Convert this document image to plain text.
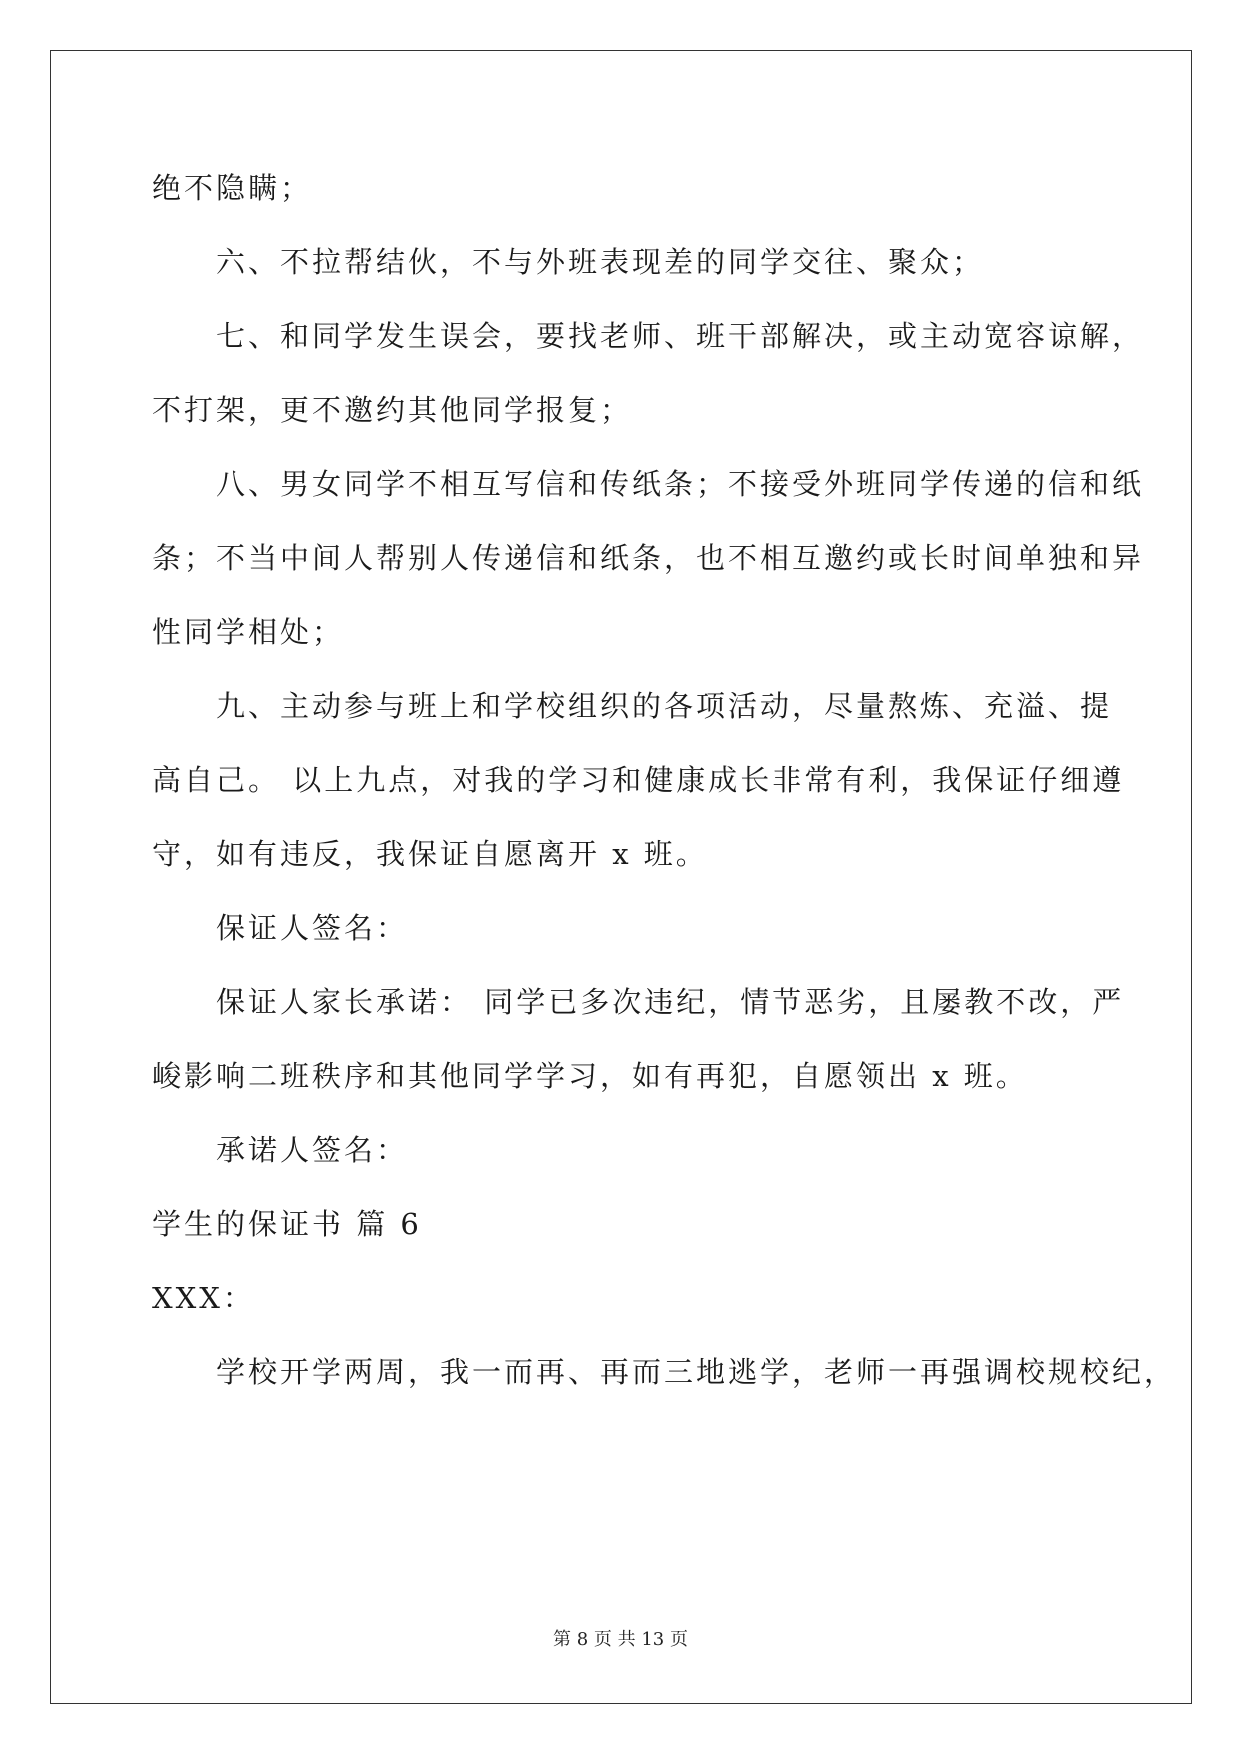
绝不隐瞒；
六、不拉帮结伙，不与外班表现差的同学交往、聚众；
七、和同学发生误会，要找老师、班干部解决，或主动宽容谅解，
不打架，更不邀约其他同学报复；
八、男女同学不相互写信和传纸条；不接受外班同学传递的信和纸
条；不当中间人帮别人传递信和纸条，也不相互邀约或长时间单独和异
性同学相处；
九、主动参与班上和学校组织的各项活动，尽量熬炼、充溢、提
高自己。 以上九点，对我的学习和健康成长非常有利，我保证仔细遵
守，如有违反，我保证自愿离开 x 班。
保证人签名：
保证人家长承诺： 同学已多次违纪，情节恶劣，且屡教不改，严
峻影响二班秩序和其他同学学习，如有再犯，自愿领出 x 班。
承诺人签名：
学生的保证书 篇 6
XXX：
学校开学两周，我一而再、再而三地逃学，老师一再强调校规校纪，
第 8 页 共 13 页
